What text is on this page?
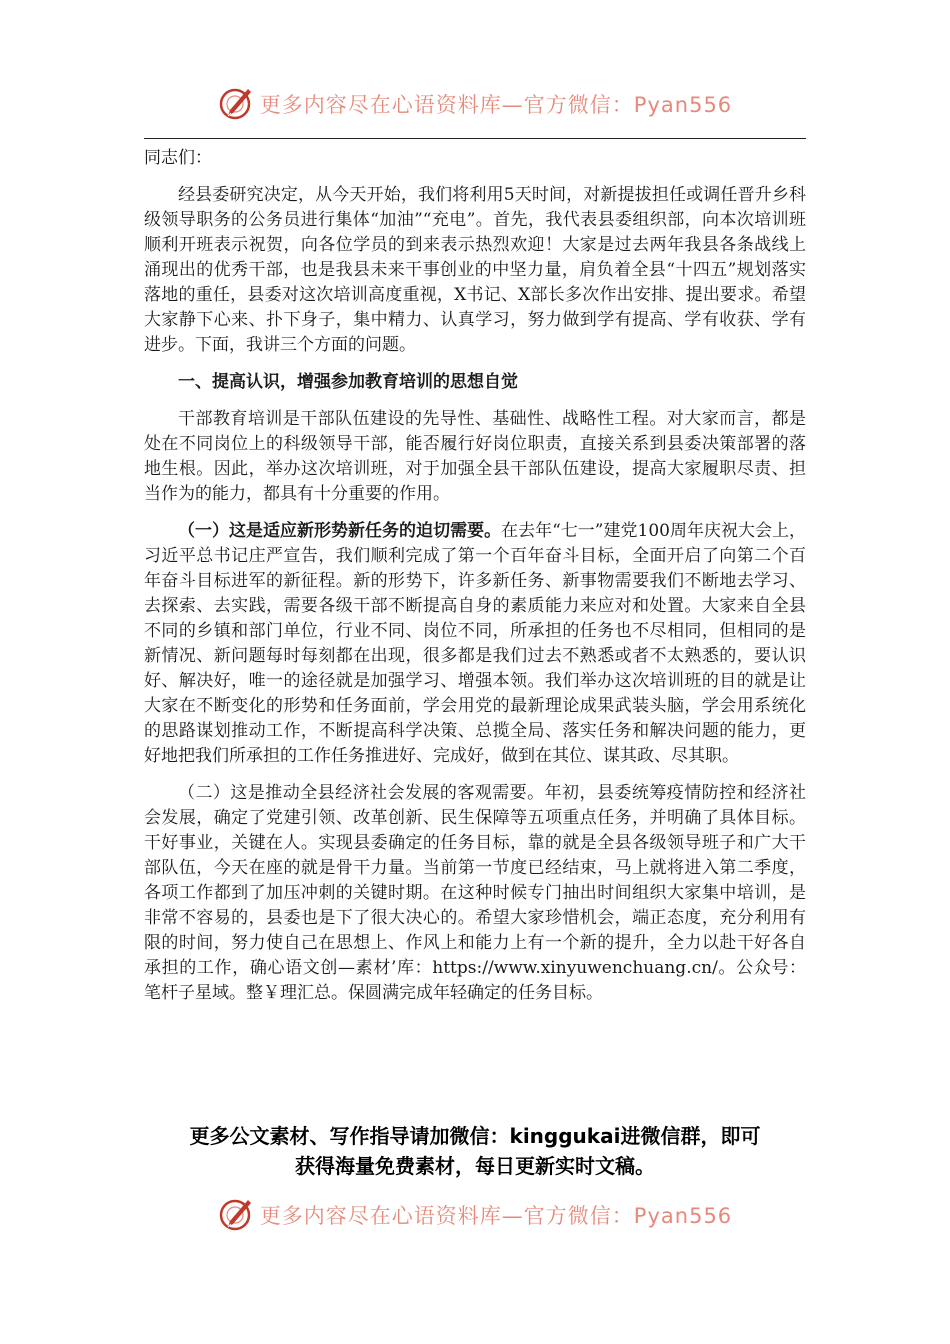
更多内容尽在心语资料库—官方微信：Pyan556

同志们：

经县委研究决定，从今天开始，我们将利用5天时间，对新提拔担任或调任晋升乡科级领导职务的公务员进行集体“加油”“充电”。首先，我代表县委组织部，向本次培训班顺利开班表示祝贺，向各位学员的到来表示热烈欢迎！大家是过去两年我县各条战线上涌现出的优秀干部，也是我县未来干事创业的中坚力量，肩负着全县“十四五”规划落实落地的重任，县委对这次培训高度重视，X书记、X部长多次作出安排、提出要求。希望大家静下心来、扑下身子，集中精力、认真学习，努力做到学有提高、学有收获、学有进步。下面，我讲三个方面的问题。

一、提高认识，增强参加教育培训的思想自觉

干部教育培训是干部队伍建设的先导性、基础性、战略性工程。对大家而言，都是处在不同岗位上的科级领导干部，能否履行好岗位职责，直接关系到县委决策部署的落地生根。因此，举办这次培训班，对于加强全县干部队伍建设，提高大家履职尽责、担当作为的能力，都具有十分重要的作用。

（一）这是适应新形势新任务的迫切需要。在去年“七一”建党100周年庆祝大会上，习近平总书记庄严宣告，我们顺利完成了第一个百年奋斗目标，全面开启了向第二个百年奋斗目标进军的新征程。新的形势下，许多新任务、新事物需要我们不断地去学习、去探索、去实践，需要各级干部不断提高自身的素质能力来应对和处置。大家来自全县不同的乡镇和部门单位，行业不同、岗位不同，所承担的任务也不尽相同，但相同的是新情况、新问题每时每刻都在出现，很多都是我们过去不熟悉或者不太熟悉的，要认识好、解决好，唯一的途径就是加强学习、增强本领。我们举办这次培训班的目的就是让大家在不断变化的形势和任务面前，学会用党的最新理论成果武装头脑，学会用系统化的思路谋划推动工作，不断提高科学决策、总揽全局、落实任务和解决问题的能力，更好地把我们所承担的工作任务推进好、完成好，做到在其位、谋其政、尽其职。

（二）这是推动全县经济社会发展的客观需要。年初，县委统筹疫情防控和经济社会发展，确定了党建引领、改革创新、民生保障等五项重点任务，并明确了具体目标。干好事业，关键在人。实现县委确定的任务目标，靠的就是全县各级领导班子和广大干部队伍，今天在座的就是骨干力量。当前第一节度已经结束，马上就将进入第二季度，各项工作都到了加压冲刺的关键时期。在这种时候专门抽出时间组织大家集中培训，是非常不容易的，县委也是下了很大决心的。希望大家珍惜机会，端正态度，充分利用有限的时间，努力使自己在思想上、作风上和能力上有一个新的提升，全力以赴干好各自承担的工作，确心语文创—素材’库：https://www.xinyuwenchuang.cn/。公众号：笔杆子星域。整￥理汇总。保圆满完成年轻确定的任务目标。

更多公文素材、写作指导请加微信：kinggukai进微信群，即可
获得海量免费素材，每日更新实时文稿。
更多内容尽在心语资料库—官方微信：Pyan556
